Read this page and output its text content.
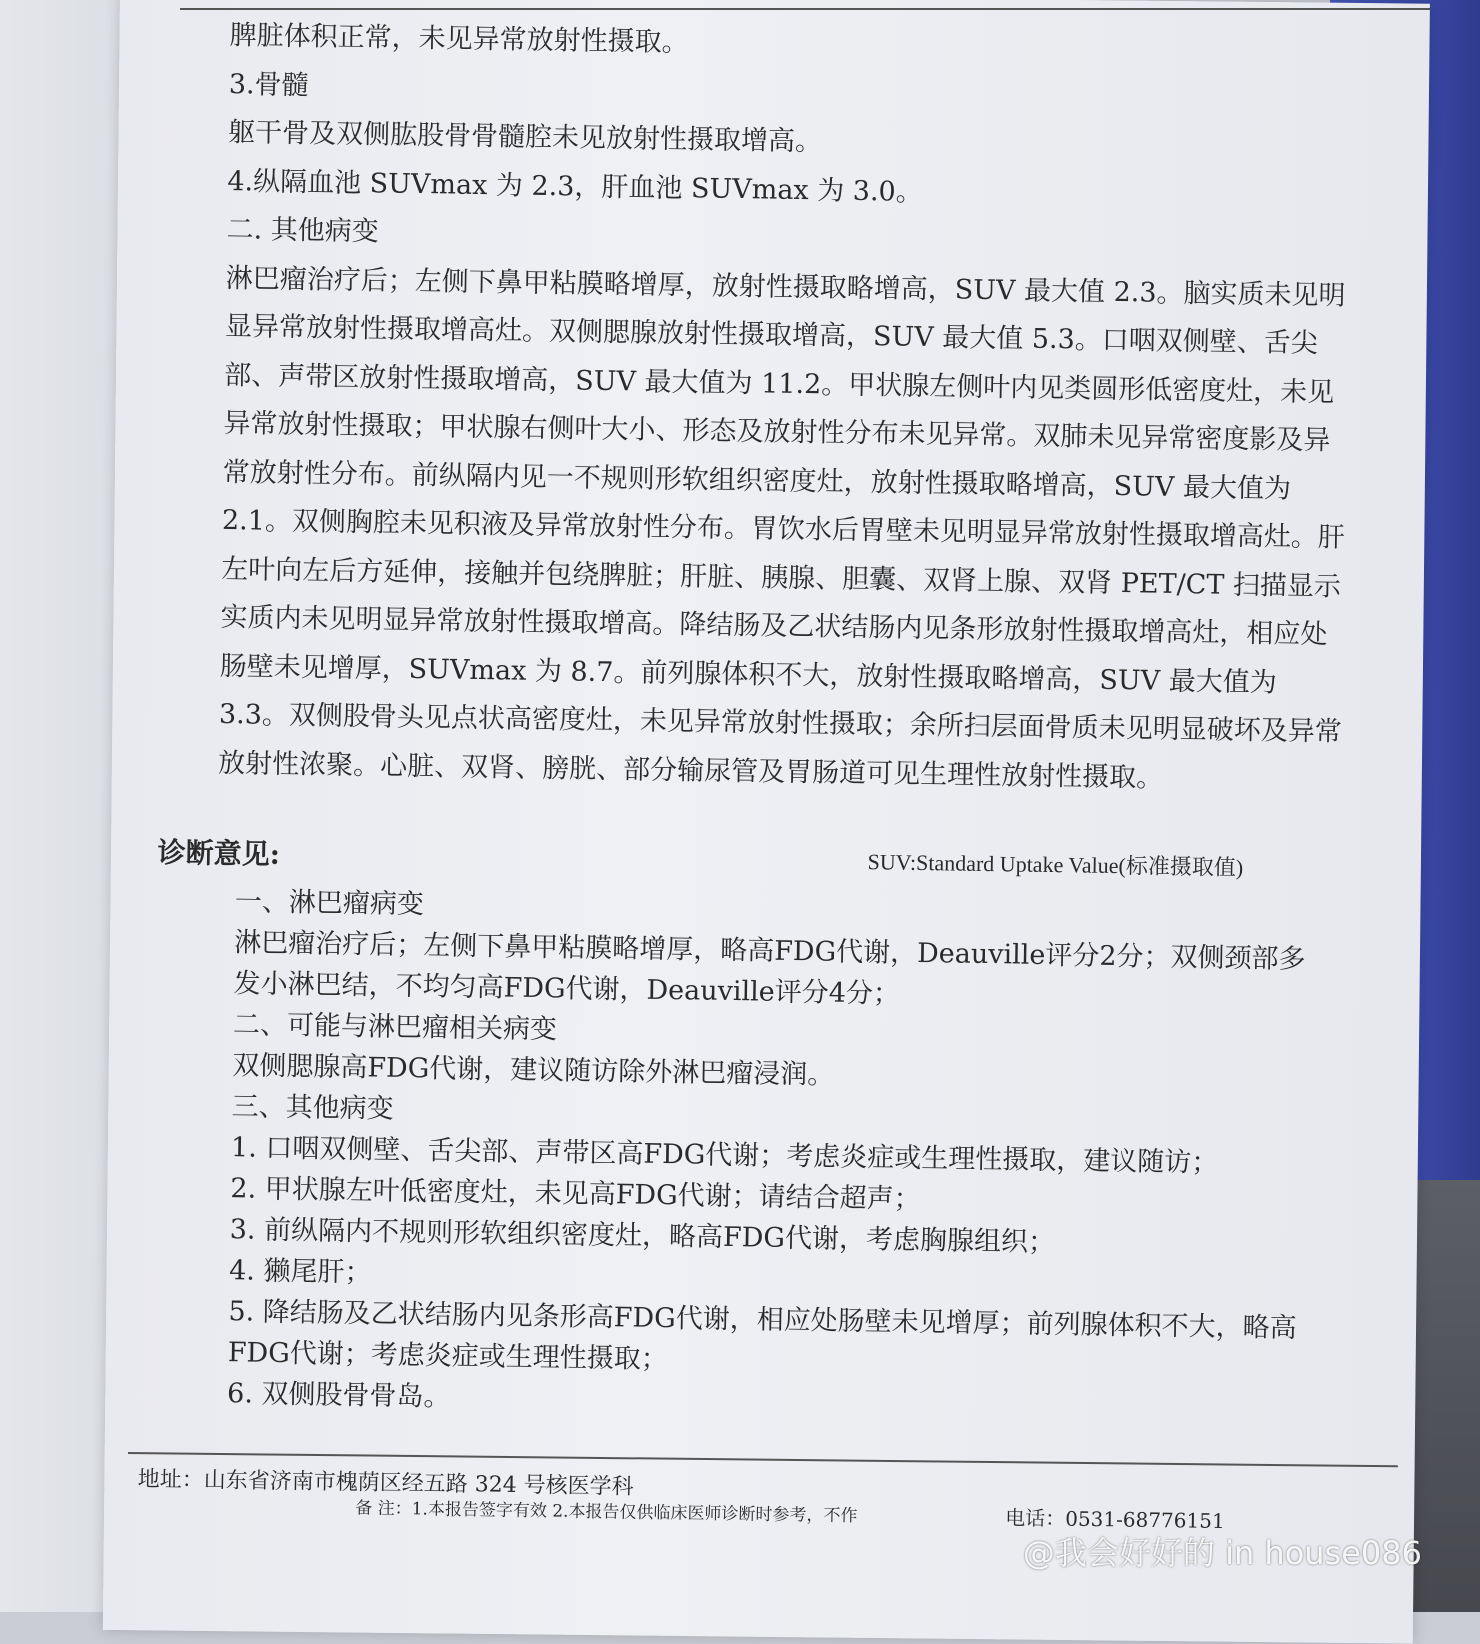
脾脏体积正常，未见异常放射性摄取。

3.骨髓

躯干骨及双侧肱股骨骨髓腔未见放射性摄取增高。

4.纵隔血池 SUVmax 为 2.3，肝血池 SUVmax 为 3.0。

二. 其他病变

淋巴瘤治疗后；左侧下鼻甲粘膜略增厚，放射性摄取略增高，SUV 最大值 2.3。脑实质未见明显异常放射性摄取增高灶。双侧腮腺放射性摄取增高，SUV 最大值 5.3。口咽双侧壁、舌尖部、声带区放射性摄取增高，SUV 最大值为 11.2。甲状腺左侧叶内见类圆形低密度灶，未见异常放射性摄取；甲状腺右侧叶大小、形态及放射性分布未见异常。双肺未见异常密度影及异常放射性分布。前纵隔内见一不规则形软组织密度灶，放射性摄取略增高，SUV 最大值为 2.1。双侧胸腔未见积液及异常放射性分布。胃饮水后胃壁未见明显异常放射性摄取增高灶。肝左叶向左后方延伸，接触并包绕脾脏；肝脏、胰腺、胆囊、双肾上腺、双肾 PET/CT 扫描显示实质内未见明显异常放射性摄取增高。降结肠及乙状结肠内见条形放射性摄取增高灶，相应处肠壁未见增厚，SUVmax 为 8.7。前列腺体积不大，放射性摄取略增高，SUV 最大值为 3.3。双侧股骨头见点状高密度灶，未见异常放射性摄取；余所扫层面骨质未见明显破坏及异常放射性浓聚。心脏、双肾、膀胱、部分输尿管及胃肠道可见生理性放射性摄取。

诊断意见:	SUV:Standard Uptake Value(标准摄取值)

一、淋巴瘤病变

淋巴瘤治疗后；左侧下鼻甲粘膜略增厚，略高FDG代谢，Deauville评分2分；双侧颈部多发小淋巴结，不均匀高FDG代谢，Deauville评分4分；

二、可能与淋巴瘤相关病变

双侧腮腺高FDG代谢，建议随访除外淋巴瘤浸润。

三、其他病变

1. 口咽双侧壁、舌尖部、声带区高FDG代谢；考虑炎症或生理性摄取，建议随访；

2. 甲状腺左叶低密度灶，未见高FDG代谢；请结合超声；

3. 前纵隔内不规则形软组织密度灶，略高FDG代谢，考虑胸腺组织；

4. 獭尾肝；

5. 降结肠及乙状结肠内见条形高FDG代谢，相应处肠壁未见增厚；前列腺体积不大，略高FDG代谢；考虑炎症或生理性摄取；

6. 双侧股骨骨岛。

地址：山东省济南市槐荫区经五路 324 号核医学科
备 注：1.本报告签字有效 2.本报告仅供临床医师诊断时参考，不作	电话：0531-68776151
@我会好好的 in house086
